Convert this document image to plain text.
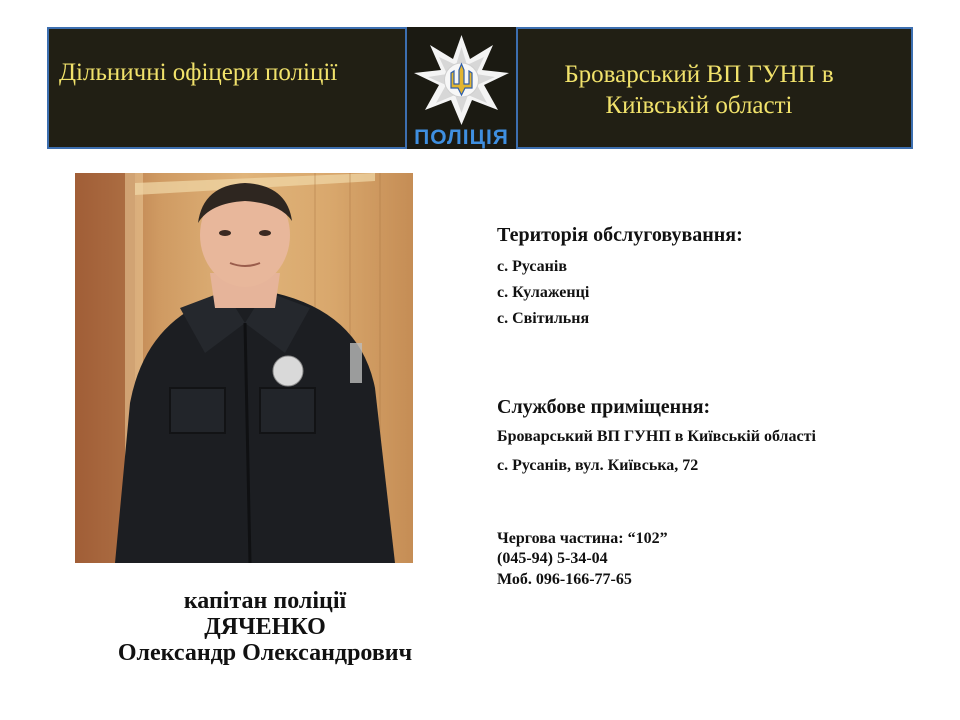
Дільничні офіцери поліції
ПОЛІЦІЯ
Броварський ВП ГУНП в
Київській області
капітан поліції
ДЯЧЕНКО
Олександр Олександрович
Територія обслуговування:
с. Русанів
с. Кулаженці
с. Світильня
Службове приміщення:
Броварський ВП ГУНП в Київській області
с. Русанів, вул. Київська, 72
Чергова частина: “102”
(045-94) 5-34-04
Моб. 096-166-77-65
